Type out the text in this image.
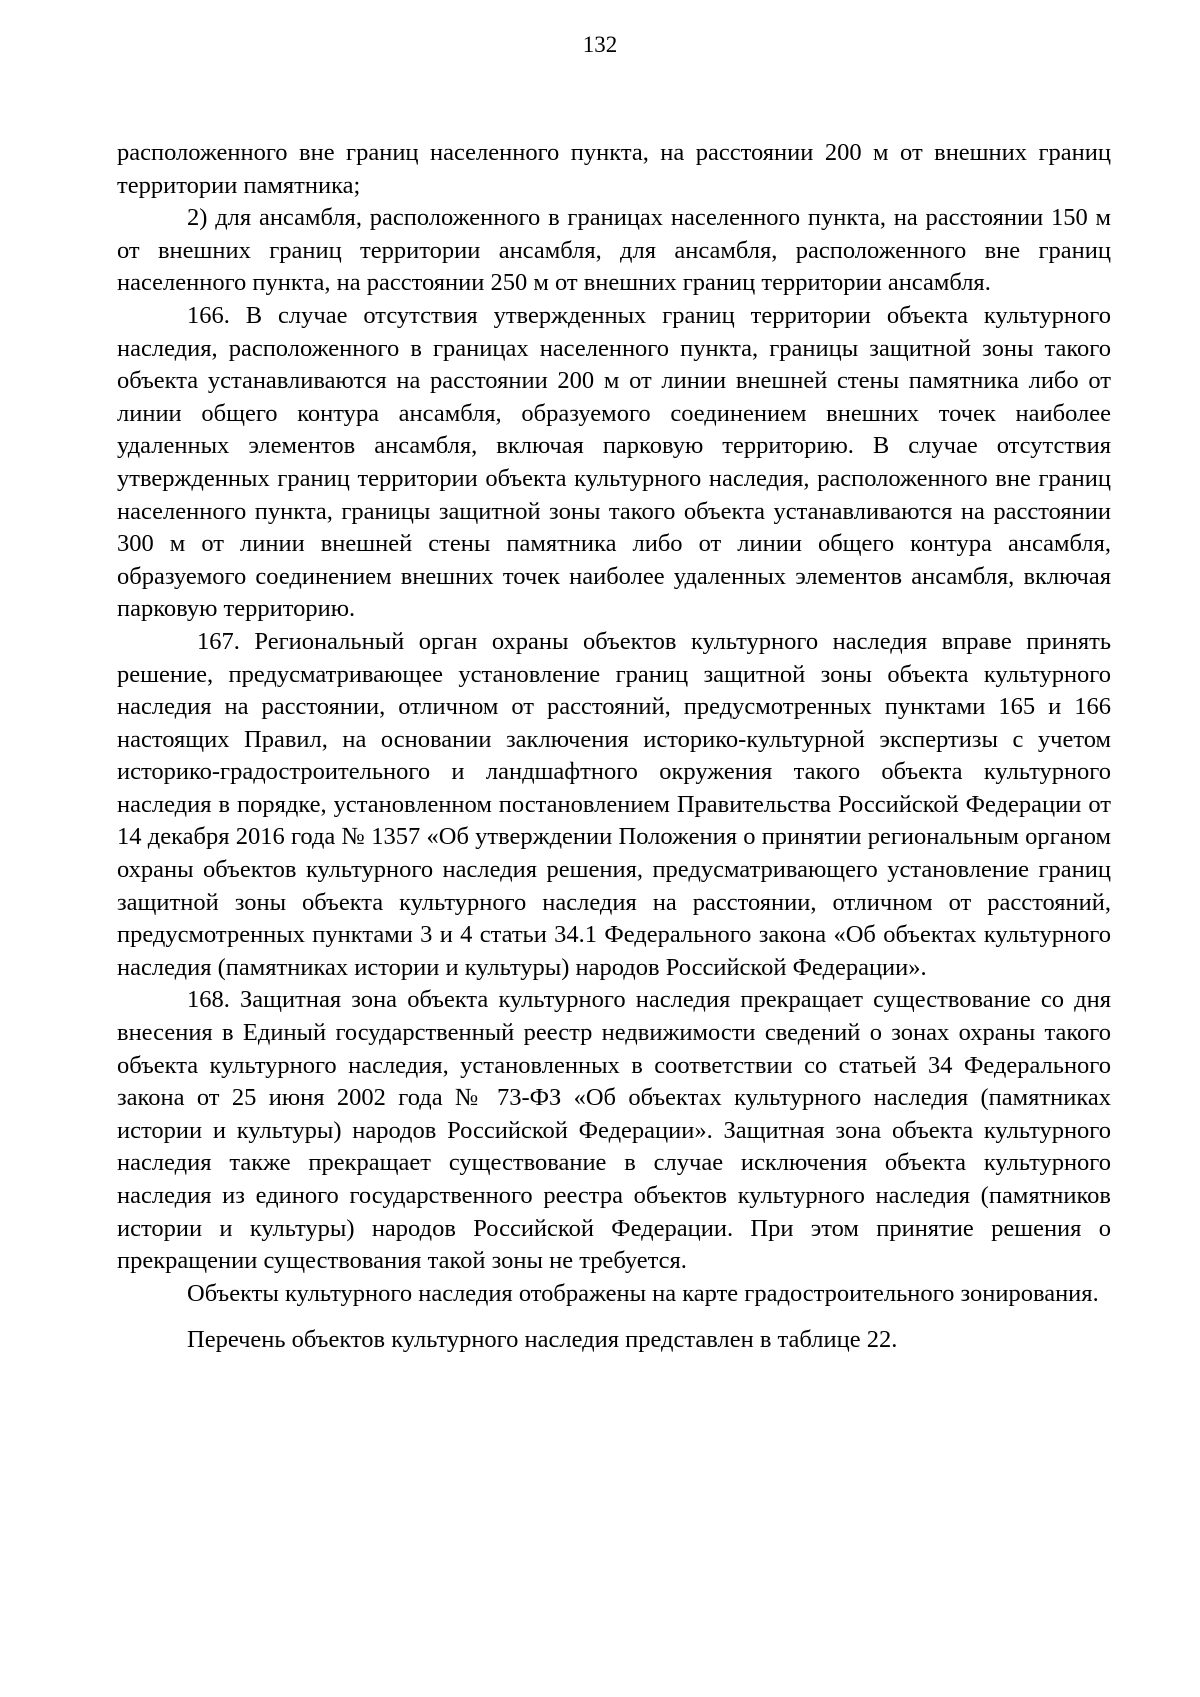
132

расположенного вне границ населенного пункта, на расстоянии 200 м от внешних границ территории памятника;

2) для ансамбля, расположенного в границах населенного пункта, на расстоянии 150 м от внешних границ территории ансамбля, для ансамбля, расположенного вне границ населенного пункта, на расстоянии 250 м от внешних границ территории ансамбля.

166. В случае отсутствия утвержденных границ территории объекта культурного наследия, расположенного в границах населенного пункта, границы защитной зоны такого объекта устанавливаются на расстоянии 200 м от линии внешней стены памятника либо от линии общего контура ансамбля, образуемого соединением внешних точек наиболее удаленных элементов ансамбля, включая парковую территорию. В случае отсутствия утвержденных границ территории объекта культурного наследия, расположенного вне границ населенного пункта, границы защитной зоны такого объекта устанавливаются на расстоянии 300 м от линии внешней стены памятника либо от линии общего контура ансамбля, образуемого соединением внешних точек наиболее удаленных элементов ансамбля, включая парковую территорию.

167. Региональный орган охраны объектов культурного наследия вправе принять решение, предусматривающее установление границ защитной зоны объекта культурного наследия на расстоянии, отличном от расстояний, предусмотренных пунктами 165 и 166 настоящих Правил, на основании заключения историко-культурной экспертизы с учетом историко-градостроительного и ландшафтного окружения такого объекта культурного наследия в порядке, установленном постановлением Правительства Российской Федерации от 14 декабря 2016 года № 1357 «Об утверждении Положения о принятии региональным органом охраны объектов культурного наследия решения, предусматривающего установление границ защитной зоны объекта культурного наследия на расстоянии, отличном от расстояний, предусмотренных пунктами 3 и 4 статьи 34.1 Федерального закона «Об объектах культурного наследия (памятниках истории и культуры) народов Российской Федерации».

168. Защитная зона объекта культурного наследия прекращает существование со дня внесения в Единый государственный реестр недвижимости сведений о зонах охраны такого объекта культурного наследия, установленных в соответствии со статьей 34 Федерального закона от 25 июня 2002 года № 73-ФЗ «Об объектах культурного наследия (памятниках истории и культуры) народов Российской Федерации». Защитная зона объекта культурного наследия также прекращает существование в случае исключения объекта культурного наследия из единого государственного реестра объектов культурного наследия (памятников истории и культуры) народов Российской Федерации. При этом принятие решения о прекращении существования такой зоны не требуется.

Объекты культурного наследия отображены на карте градостроительного зонирования.

Перечень объектов культурного наследия представлен в таблице 22.
